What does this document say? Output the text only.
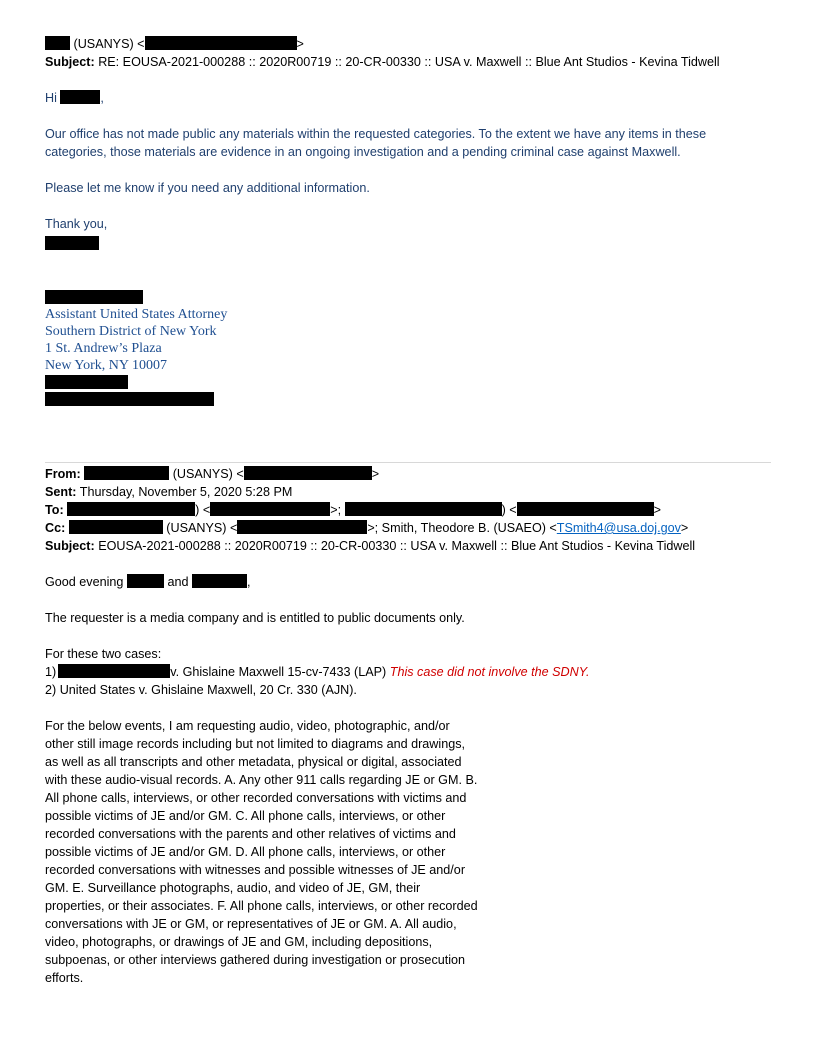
(USANYS) <	>
Subject: RE: EOUSA-2021-000288 :: 2020R00719 :: 20-CR-00330 :: USA v. Maxwell :: Blue Ant Studios - Kevina Tidwell
Hi	,
Our office has not made public any materials within the requested categories. To the extent we have any items in these
categories, those materials are evidence in an ongoing investigation and a pending criminal case against Maxwell.
Please let me know if you need any additional information.
Thank you,
Assistant United States Attorney
Southern District of New York
1 St. Andrew’s Plaza
New York, NY 10007
From:	(USANYS) <	>
Sent: Thursday, November 5, 2020 5:28 PM
To:	) <	>;	) <	>
Cc:	(USANYS) <	>; Smith, Theodore B. (USAEO) <TSmith4@usa.doj.gov>
Subject: EOUSA-2021-000288 :: 2020R00719 :: 20-CR-00330 :: USA v. Maxwell :: Blue Ant Studios - Kevina Tidwell
Good evening	and	,
The requester is a media company and is entitled to public documents only.
For these two cases:
1)	v. Ghislaine Maxwell 15-cv-7433 (LAP) This case did not involve the SDNY.
2) United States v. Ghislaine Maxwell, 20 Cr. 330 (AJN).
For the below events, I am requesting audio, video, photographic, and/or
other still image records including but not limited to diagrams and drawings,
as well as all transcripts and other metadata, physical or digital, associated
with these audio-visual records. A. Any other 911 calls regarding JE or GM. B.
All phone calls, interviews, or other recorded conversations with victims and
possible victims of JE and/or GM. C. All phone calls, interviews, or other
recorded conversations with the parents and other relatives of victims and
possible victims of JE and/or GM. D. All phone calls, interviews, or other
recorded conversations with witnesses and possible witnesses of JE and/or
GM. E. Surveillance photographs, audio, and video of JE, GM, their
properties, or their associates. F. All phone calls, interviews, or other recorded
conversations with JE or GM, or representatives of JE or GM. A. All audio,
video, photographs, or drawings of JE and GM, including depositions,
subpoenas, or other interviews gathered during investigation or prosecution
efforts.
